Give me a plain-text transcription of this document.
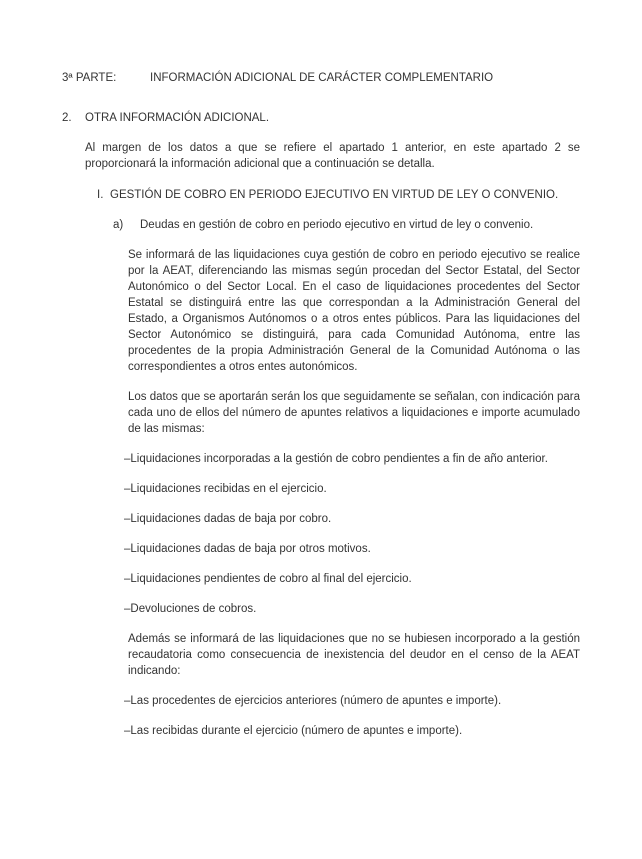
3ª PARTE:	INFORMACIÓN ADICIONAL DE CARÁCTER COMPLEMENTARIO
2. OTRA INFORMACIÓN ADICIONAL.

Al margen de los datos a que se refiere el apartado 1 anterior, en este apartado 2 se proporcionará la información adicional que a continuación se detalla.

I. GESTIÓN DE COBRO EN PERIODO EJECUTIVO EN VIRTUD DE LEY O CONVENIO.
a) Deudas en gestión de cobro en periodo ejecutivo en virtud de ley o convenio.

Se informará de las liquidaciones cuya gestión de cobro en periodo ejecutivo se realice por la AEAT, diferenciando las mismas según procedan del Sector Estatal, del Sector Autonómico o del Sector Local. En el caso de liquidaciones procedentes del Sector Estatal se distinguirá entre las que correspondan a la Administración General del Estado, a Organismos Autónomos o a otros entes públicos. Para las liquidaciones del Sector Autonómico se distinguirá, para cada Comunidad Autónoma, entre las procedentes de la propia Administración General de la Comunidad Autónoma o las correspondientes a otros entes autonómicos.

Los datos que se aportarán serán los que seguidamente se señalan, con indicación para cada uno de ellos del número de apuntes relativos a liquidaciones e importe acumulado de las mismas:

–Liquidaciones incorporadas a la gestión de cobro pendientes a fin de año anterior.
–Liquidaciones recibidas en el ejercicio.
–Liquidaciones dadas de baja por cobro.
–Liquidaciones dadas de baja por otros motivos.
–Liquidaciones pendientes de cobro al final del ejercicio.
–Devoluciones de cobros.

Además se informará de las liquidaciones que no se hubiesen incorporado a la gestión recaudatoria como consecuencia de inexistencia del deudor en el censo de la AEAT indicando:

–Las procedentes de ejercicios anteriores (número de apuntes e importe).
–Las recibidas durante el ejercicio (número de apuntes e importe).
